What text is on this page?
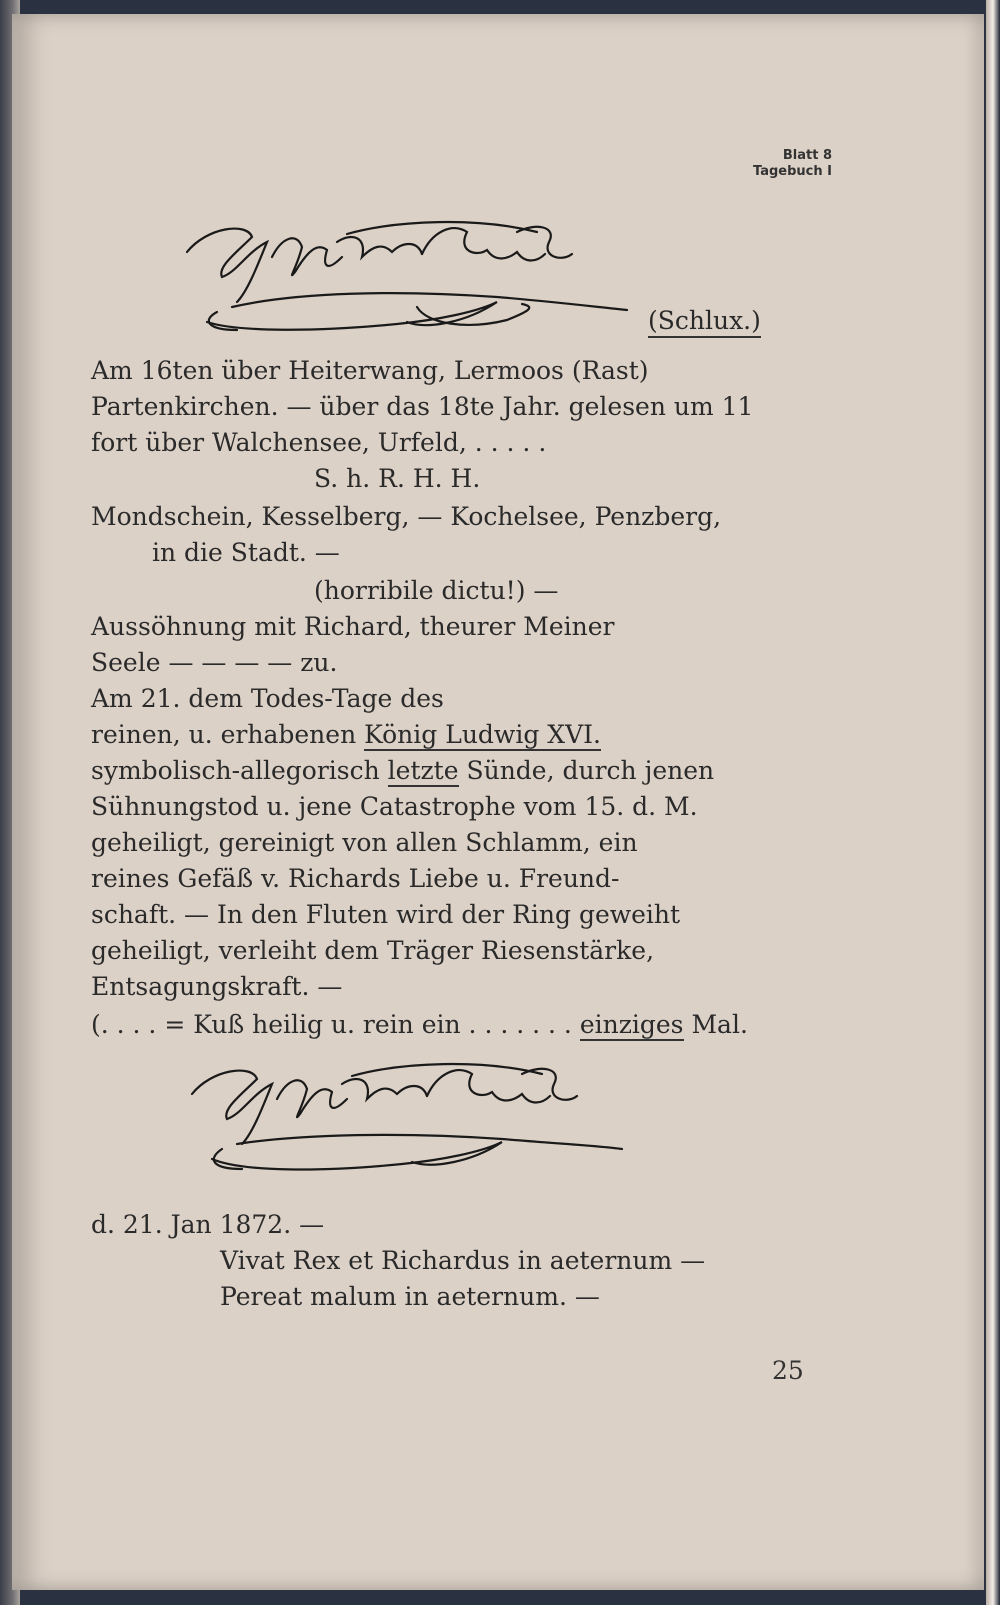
Blatt 8
Tagebuch I
(Schlux.)
Am 16ten über Heiterwang, Lermoos (Rast)
Partenkirchen. — über das 18te Jahr. gelesen um 11
fort über Walchensee, Urfeld, . . . . .
S. h. R. H. H.
Mondschein, Kesselberg, — Kochelsee, Penzberg,
in die Stadt. —
(horribile dictu!) —
Aussöhnung mit Richard, theurer Meiner
Seele — — — — zu.
Am 21. dem Todes-Tage des
reinen, u. erhabenen König Ludwig XVI.
symbolisch-allegorisch letzte Sünde, durch jenen
Sühnungstod u. jene Catastrophe vom 15. d. M.
geheiligt, gereinigt von allen Schlamm, ein
reines Gefäß v. Richards Liebe u. Freund-
schaft. — In den Fluten wird der Ring geweiht
geheiligt, verleiht dem Träger Riesenstärke,
Entsagungskraft. —
(. . . . = Kuß heilig u. rein ein . . . . . . . einziges Mal.
d. 21. Jan 1872. —
Vivat Rex et Richardus in aeternum —
Pereat malum in aeternum. —
25
